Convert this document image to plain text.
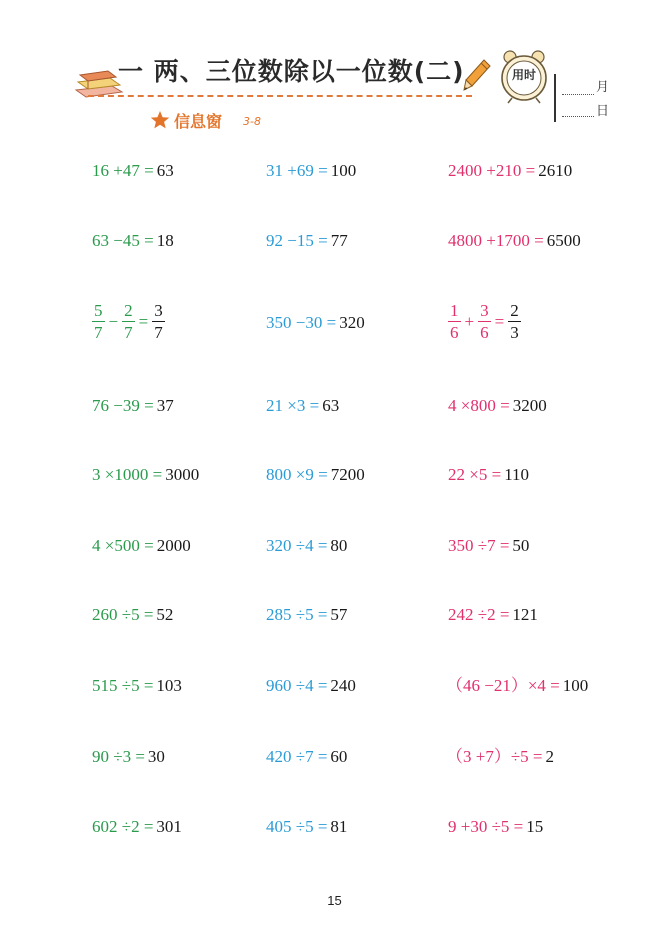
一 两、三位数除以一位数(二)	用时
月
日
信息窗 3-8
16 +47 = 63	31 +69 = 100	2400 +210 = 2610
63 −45 = 18	92 −15 = 77	4800 +1700 = 6500
$\frac{5}{7} - \frac{2}{7} = \frac{3}{7}$	350 −30 = 320	$\frac{1}{6} + \frac{3}{6} = \frac{2}{3}$
76 −39 = 37	21 ×3 = 63	4 ×800 = 3200
3 ×1000 = 3000	800 ×9 = 7200	22 ×5 = 110
4 ×500 = 2000	320 ÷4 = 80	350 ÷7 = 50
260 ÷5 = 52	285 ÷5 = 57	242 ÷2 = 121
515 ÷5 = 103	960 ÷4 = 240	（46 −21）×4 = 100
90 ÷3 = 30	420 ÷7 = 60	（3 +7）÷5 = 2
602 ÷2 = 301	405 ÷5 = 81	9 +30 ÷5 = 15
15
